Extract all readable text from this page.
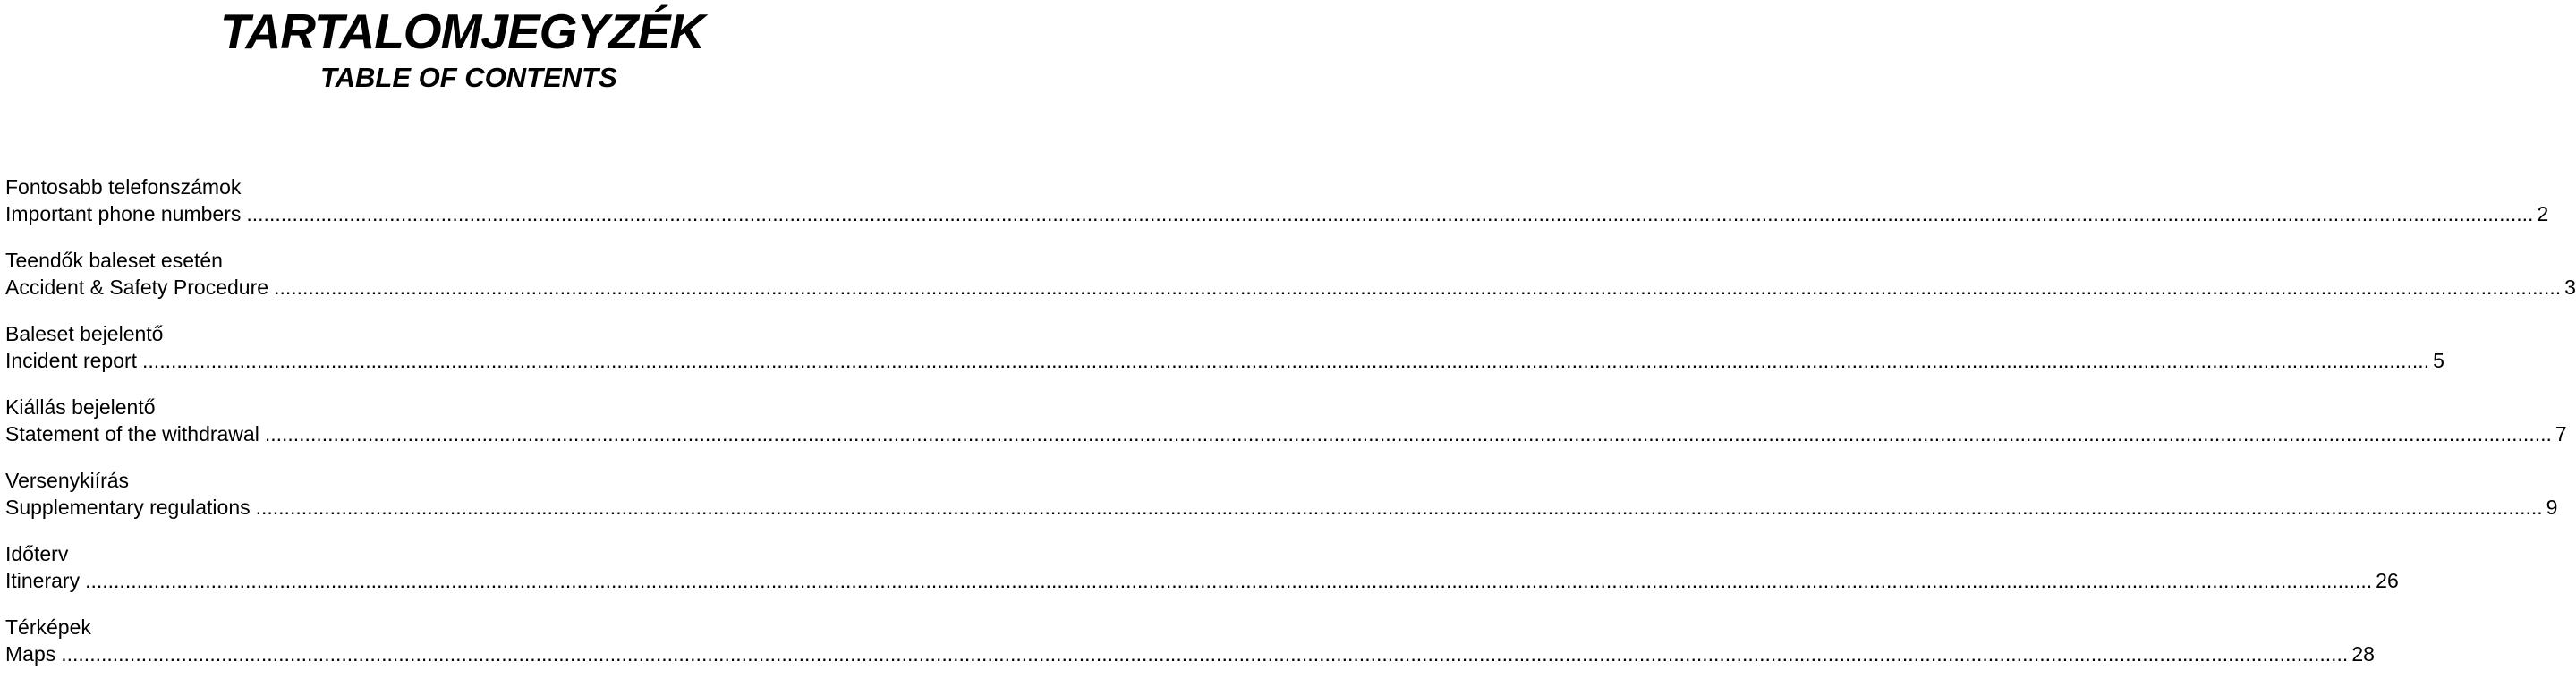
TARTALOMJEGYZÉK
TABLE OF CONTENTS
Fontosabb telefonszámok
Important phone numbers ................................................................................................................................................................................................................................................................................................................................................................................................................ 2
Teendők baleset esetén
Accident & Safety Procedure ................................................................................................................................................................................................................................................................................................................................................................................................................ 3
Baleset bejelentő
Incident report ................................................................................................................................................................................................................................................................................................................................................................................................................ 5
Kiállás bejelentő
Statement of the withdrawal ................................................................................................................................................................................................................................................................................................................................................................................................................ 7
Versenykiírás
Supplementary regulations ................................................................................................................................................................................................................................................................................................................................................................................................................ 9
Időterv
Itinerary ................................................................................................................................................................................................................................................................................................................................................................................................................ 26
Térképek
Maps ................................................................................................................................................................................................................................................................................................................................................................................................................ 28
